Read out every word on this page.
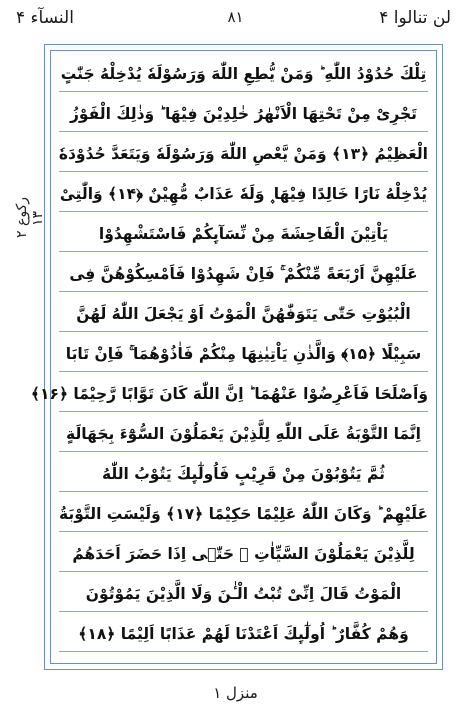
النسآء ۴	۸۱	لن تنالوا ۴
رکوع ۲ ۱۳
تِلْكَ حُدُوْدُ اللّٰهِ ؕ وَمَنْ يُّطِعِ اللّٰهَ وَرَسُوْلَهٗ يُدْخِلْهُ جَنّٰتٍ
تَجْرِیْ مِنْ تَحْتِهَا الْاَنْهٰرُ خٰلِدِیْنَ فِیْهَا ؕ وَذٰلِكَ الْفَوْزُ
الْعَظِیْمُ ﴿۱۳﴾ وَمَنْ یَّعْصِ اللّٰهَ وَرَسُوْلَهٗ وَیَتَعَدَّ حُدُوْدَهٗ
یُدْخِلْهُ نَارًا خَالِدًا فِیْهَا ۪ وَلَهٗ عَذَابٌ مُّهِیْنٌ ﴿۱۴﴾ وَالّٰتِیْ
یَاْتِیْنَ الْفَاحِشَةَ مِنْ نِّسَآىِٕكُمْ فَاسْتَشْهِدُوْا
عَلَیْهِنَّ اَرْبَعَةً مِّنْكُمْ ۚ فَاِنْ شَهِدُوْا فَاَمْسِكُوْهُنَّ فِی
الْبُیُوْتِ حَتّٰی یَتَوَفّٰهُنَّ الْمَوْتُ اَوْ یَجْعَلَ اللّٰهُ لَهُنَّ
سَبِیْلًا ﴿۱۵﴾ وَالَّذٰنِ یَاْتِیٰنِهَا مِنْكُمْ فَاٰذُوْهُمَا ۚ فَاِنْ تَابَا
وَاَصْلَحَا فَاَعْرِضُوْا عَنْهُمَا ؕ اِنَّ اللّٰهَ كَانَ تَوَّابًا رَّحِیْمًا ﴿۱۶﴾
اِنَّمَا التَّوْبَةُ عَلَی اللّٰهِ لِلَّذِیْنَ یَعْمَلُوْنَ السُّوْٓءَ بِجَهَالَةٍ
ثُمَّ یَتُوْبُوْنَ مِنْ قَرِیْبٍ فَاُولٰٓىِٕكَ یَتُوْبُ اللّٰهُ
عَلَیْهِمْ ؕ وَكَانَ اللّٰهُ عَلِیْمًا حَكِیْمًا ﴿۱۷﴾ وَلَیْسَتِ التَّوْبَةُ
لِلَّذِیْنَ یَعْمَلُوْنَ السَّیِّاٰتِ ۚ حَتّٰۤی اِذَا حَضَرَ اَحَدَهُمُ
الْمَوْتُ قَالَ اِنِّیْ تُبْتُ الْـٰٔنَ وَلَا الَّذِیْنَ یَمُوْتُوْنَ
وَهُمْ كُفَّارٌ ؕ اُولٰٓىِٕكَ اَعْتَدْنَا لَهُمْ عَذَابًا اَلِیْمًا ﴿۱۸﴾
منزل ۱
